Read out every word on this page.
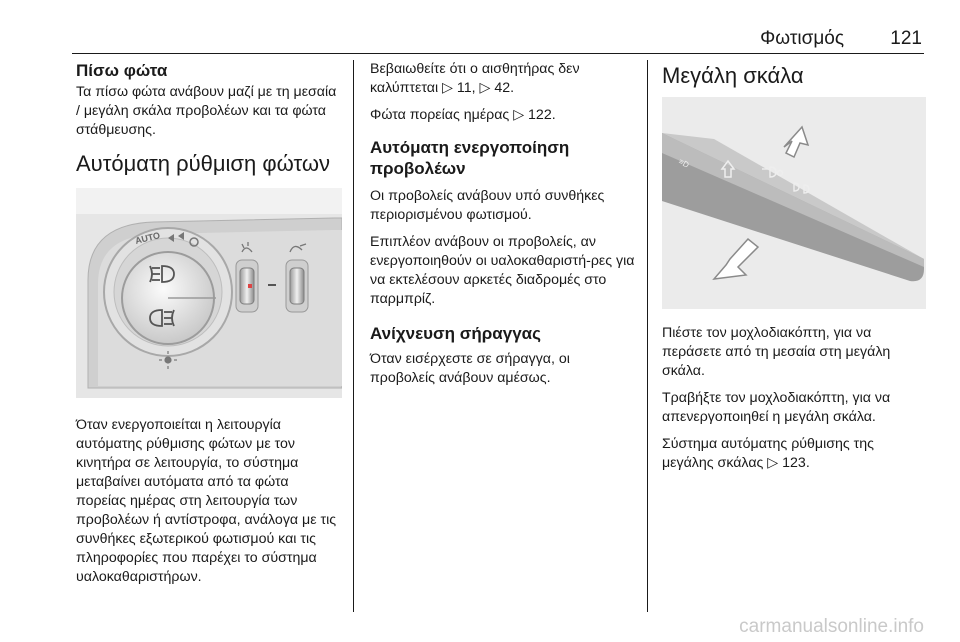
Φωτισμός 121
Πίσω φώτα

Τα πίσω φώτα ανάβουν μαζί με τη μεσαία / μεγάλη σκάλα προβολέων και τα φώτα στάθμευσης.

Αυτόματη ρύθμιση φώτων
AUTO

Όταν ενεργοποιείται η λειτουργία αυτόματης ρύθμισης φώτων με τον κινητήρα σε λειτουργία, το σύστημα μεταβαίνει αυτόματα από τα φώτα πορείας ημέρας στη λειτουργία των προβολέων ή αντίστροφα, ανάλογα με τις συνθήκες εξωτερικού φωτισμού και τις πληροφορίες που παρέχει το σύστημα υαλοκαθαριστήρων.

Βεβαιωθείτε ότι ο αισθητήρας δεν καλύπτεται ▷ 11, ▷ 42.

Φώτα πορείας ημέρας ▷ 122.

Αυτόματη ενεργοποίηση προβολέων

Οι προβολείς ανάβουν υπό συνθήκες περιορισμένου φωτισμού.

Επιπλέον ανάβουν οι προβολείς, αν ενεργοποιηθούν οι υαλοκαθαριστή-ρες για να εκτελέσουν αρκετές διαδρομές στο παρμπρίζ.

Ανίχνευση σήραγγας

Όταν εισέρχεστε σε σήραγγα, οι προβολείς ανάβουν αμέσως.

Μεγάλη σκάλα
≡D

Πιέστε τον μοχλοδιακόπτη, για να περάσετε από τη μεσαία στη μεγάλη σκάλα.

Τραβήξτε τον μοχλοδιακόπτη, για να απενεργοποιηθεί η μεγάλη σκάλα.

Σύστημα αυτόματης ρύθμισης της μεγάλης σκάλας ▷ 123.

carmanualsonline.info
